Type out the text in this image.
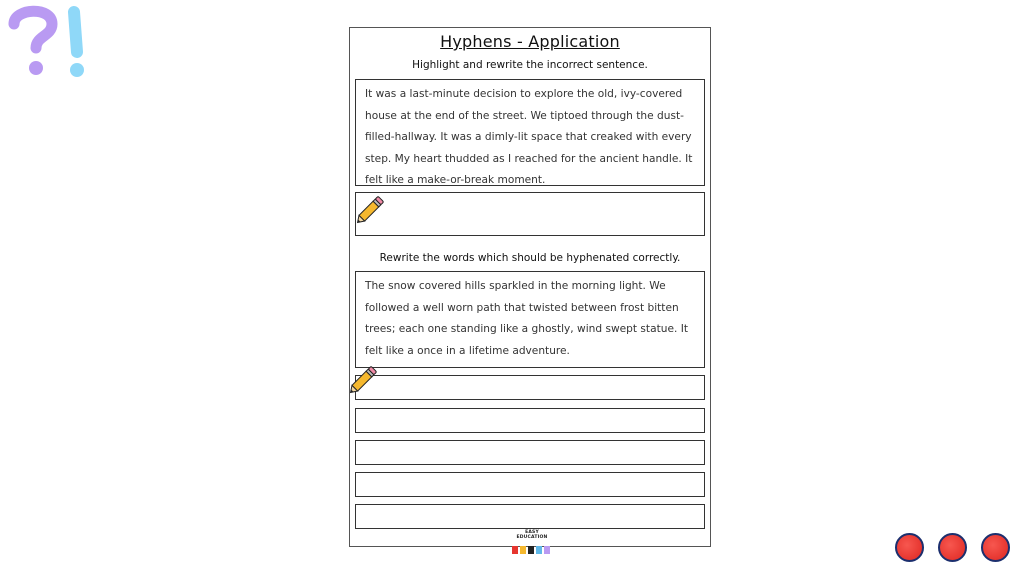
Hyphens - Application
Highlight and rewrite the incorrect sentence.
It was a last-minute decision to explore the old, ivy-covered house at the end of the street. We tiptoed through the dust-filled-hallway. It was a dimly-lit space that creaked with every step. My heart thudded as I reached for the ancient handle. It felt like a make-or-break moment.
Rewrite the words which should be hyphenated correctly.
The snow covered hills sparkled in the morning light. We followed a well worn path that twisted between frost bitten trees; each one standing like a ghostly, wind swept statue. It felt like a once in a lifetime adventure.
EASY EDUCATION
